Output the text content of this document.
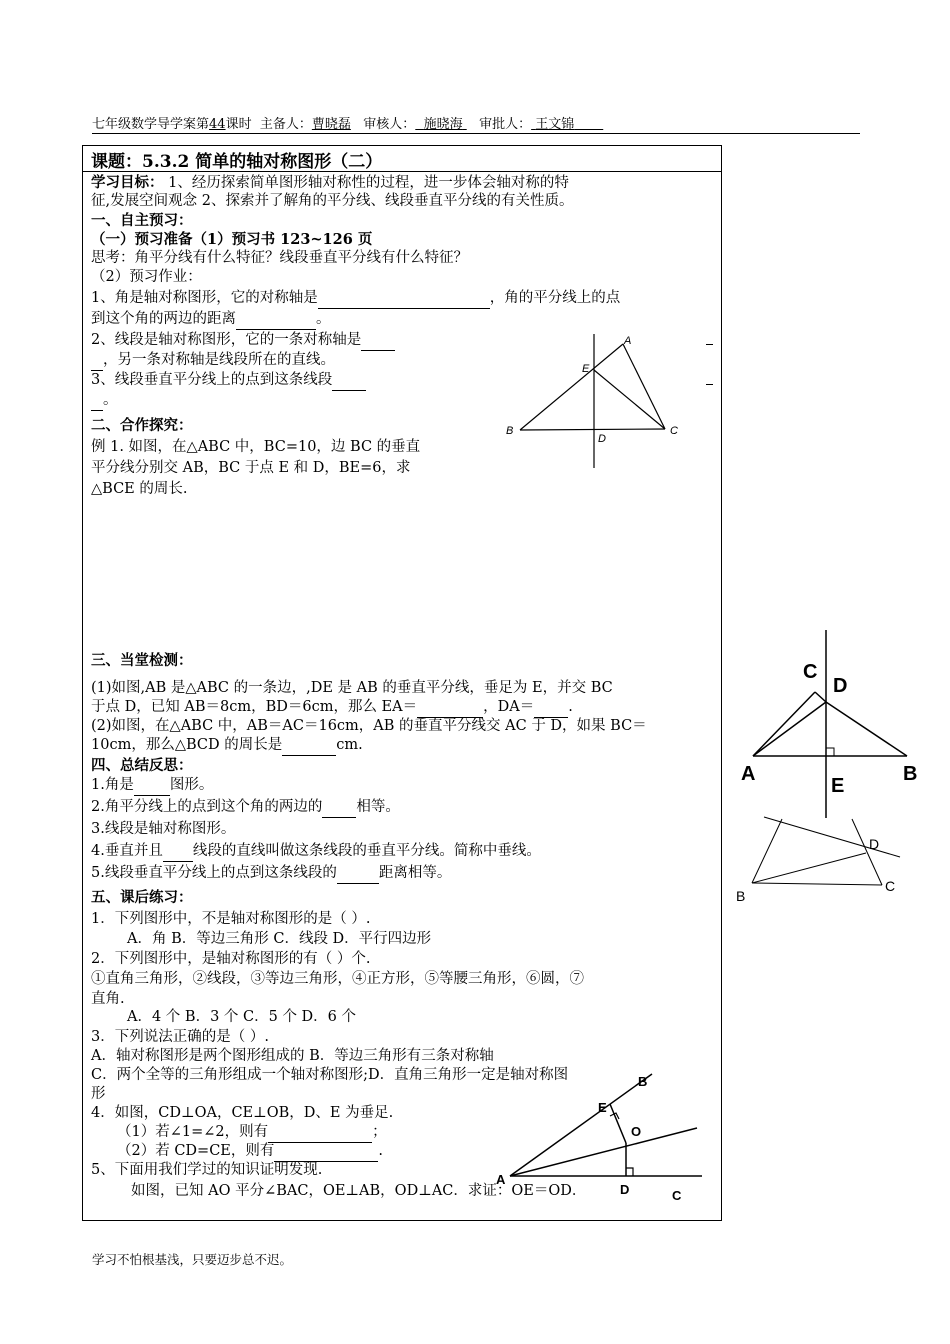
七年级数学导学案第44课时 主备人：曹晓磊 审核人： 施晓海 审批人： 王文锦
课题：5.3.2 简单的轴对称图形（二）
学习目标： 1、经历探索简单图形轴对称性的过程，进一步体会轴对称的特
征,发展空间观念 2、探索并了解角的平分线、线段垂直平分线的有关性质。
一、自主预习：
（一）预习准备（1）预习书 123~126 页
思考：角平分线有什么特征？线段垂直平分线有什么特征？
（2）预习作业：
1、角是轴对称图形，它的对称轴是	，角的平分线上的点
到这个角的两边的距离	。
2、线段是轴对称图形，它的一条对称轴是
，另一条对称轴是线段所在的直线。
3、线段垂直平分线上的点到这条线段
。
二、合作探究：
例 1. 如图，在△ABC 中，BC=10，边 BC 的垂直
平分线分别交 AB，BC 于点 E 和 D，BE=6，求
△BCE 的周长.
三、当堂检测：
(1)如图,AB 是△ABC 的一条边，,DE 是 AB 的垂直平分线，垂足为 E，并交 BC
于点 D，已知 AB＝8cm，BD＝6cm，那么 EA＝	，DA＝ .
(2)如图，在△ABC 中，AB＝AC＝16cm，AB 的垂直平分线交 AC 于 D，如果 BC＝
10cm，那么△BCD 的周长是	cm.
四、总结反思：
1.角是 图形。
2.角平分线上的点到这个角的两边的 相等。
3.线段是轴对称图形。
4.垂直并且 线段的直线叫做这条线段的垂直平分线。简称中垂线。
5.线段垂直平分线上的点到这条线段的	距离相等。
五、课后练习：
1．下列图形中，不是轴对称图形的是（ ）.
A．角 B．等边三角形 C．线段 D．平行四边形
2．下列图形中，是轴对称图形的有（ ）个.
①直角三角形，②线段，③等边三角形，④正方形，⑤等腰三角形，⑥圆，⑦
直角.
A．4 个 B．3 个 C．5 个 D．6 个
3．下列说法正确的是（ ）.
A．轴对称图形是两个图形组成的 B．等边三角形有三条对称轴
C．两个全等的三角形组成一个轴对称图形;D．直角三角形一定是轴对称图
形
4．如图，CD⊥OA，CE⊥OB，D、E 为垂足.
（1）若∠1=∠2，则有	；
（2）若 CD=CE，则有	.
5、下面用我们学过的知识证明发现.
如图，已知 AO 平分∠BAC，OE⊥AB，OD⊥AC．求证：OE＝OD．
A
B	C
D
E
A	B
C
D
E
B
C
D
A
B
C
E
O
D
学习不怕根基浅，只要迈步总不迟。
